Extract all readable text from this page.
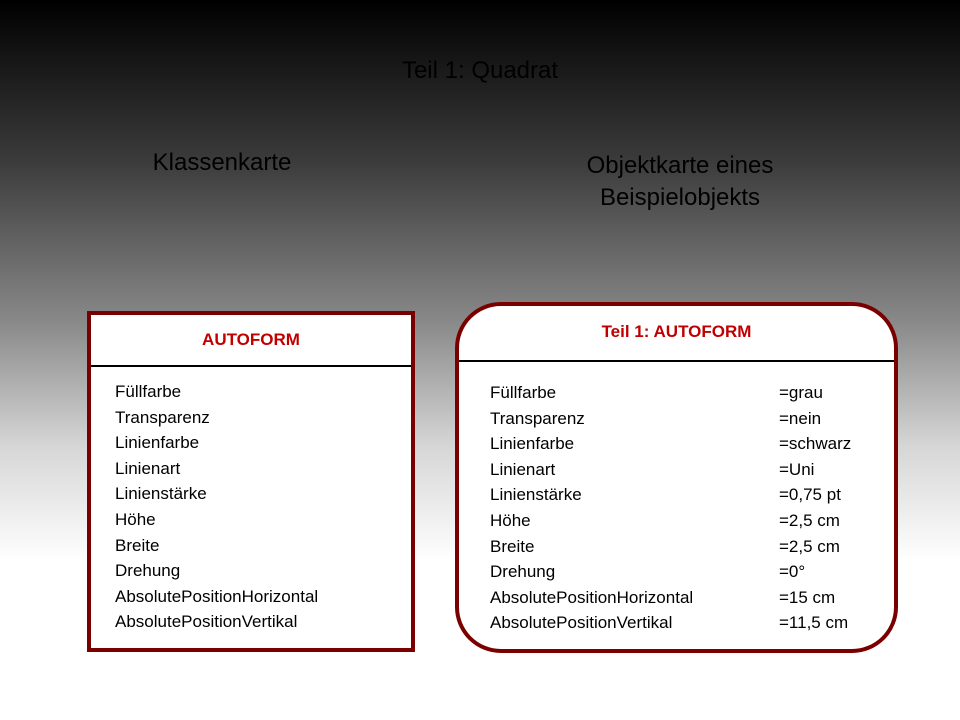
Teil 1: Quadrat
Klassenkarte	Objektkarte eines
Beispielobjekts
AUTOFORM
Füllfarbe
Transparenz
Linienfarbe
Linienart
Linienstärke
Höhe
Breite
Drehung
AbsolutePositionHorizontal
AbsolutePositionVertikal
Teil 1: AUTOFORM
Füllfarbe	=grau
Transparenz	=nein
Linienfarbe	=schwarz
Linienart	=Uni
Linienstärke	=0,75 pt
Höhe	=2,5 cm
Breite	=2,5 cm
Drehung	=0°
AbsolutePositionHorizontal	=15 cm
AbsolutePositionVertikal	=11,5 cm
